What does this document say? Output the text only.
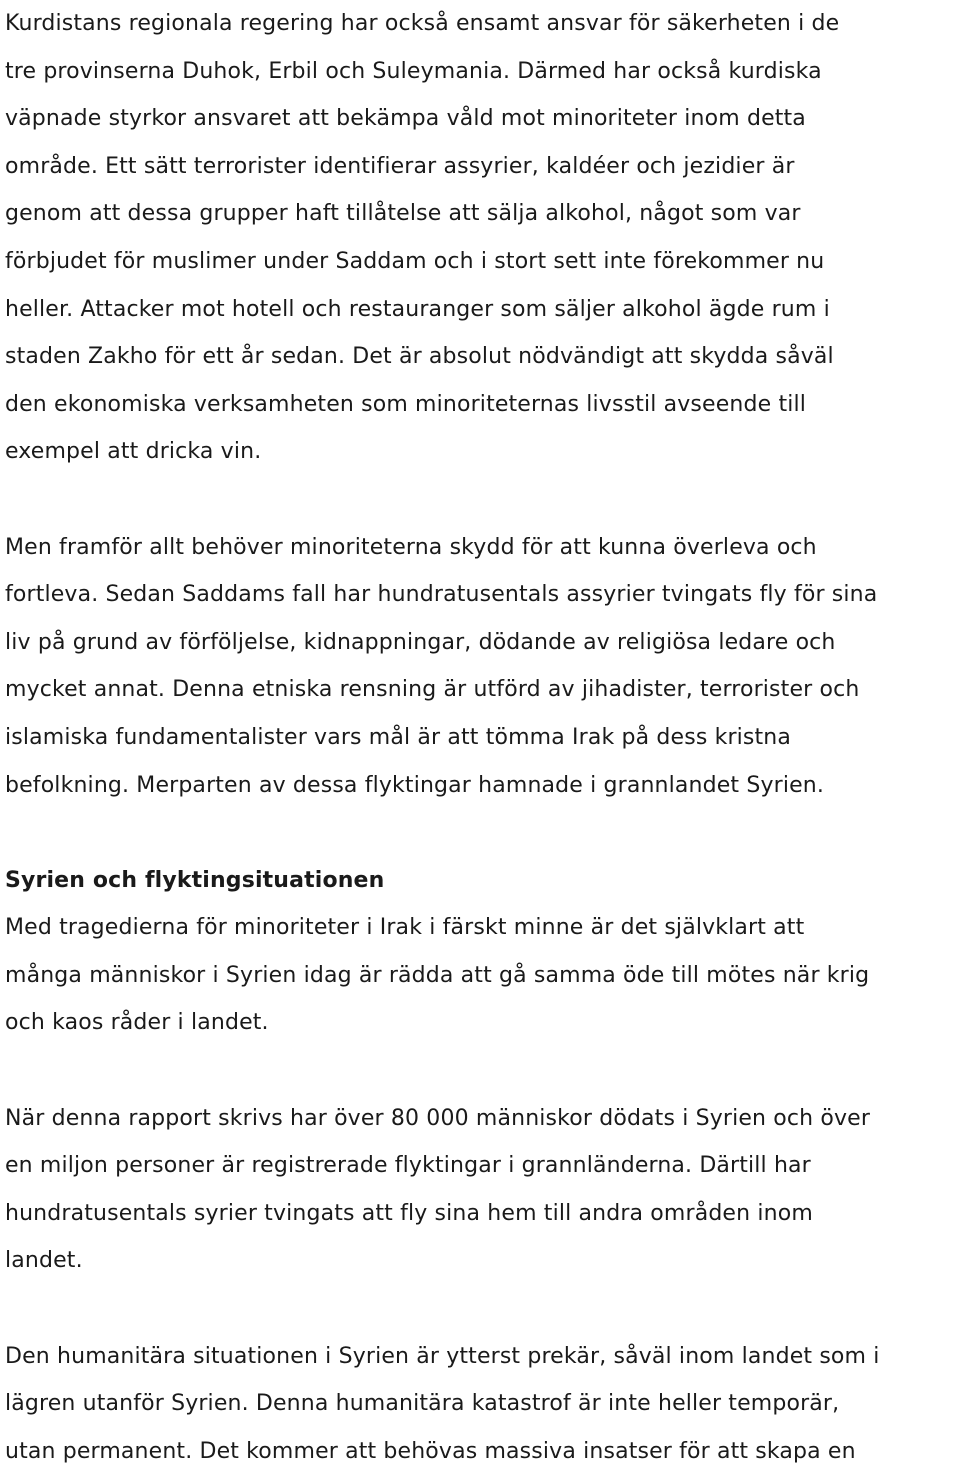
Kurdistans regionala regering har också ensamt ansvar för säkerheten i de
tre provinserna Duhok, Erbil och Suleymania. Därmed har också kurdiska
väpnade styrkor ansvaret att bekämpa våld mot minoriteter inom detta
område. Ett sätt terrorister identifierar assyrier, kaldéer och jezidier är
genom att dessa grupper haft tillåtelse att sälja alkohol, något som var
förbjudet för muslimer under Saddam och i stort sett inte förekommer nu
heller. Attacker mot hotell och restauranger som säljer alkohol ägde rum i
staden Zakho för ett år sedan. Det är absolut nödvändigt att skydda såväl
den ekonomiska verksamheten som minoriteternas livsstil avseende till
exempel att dricka vin.

Men framför allt behöver minoriteterna skydd för att kunna överleva och
fortleva. Sedan Saddams fall har hundratusentals assyrier tvingats fly för sina
liv på grund av förföljelse, kidnappningar, dödande av religiösa ledare och
mycket annat. Denna etniska rensning är utförd av jihadister, terrorister och
islamiska fundamentalister vars mål är att tömma Irak på dess kristna
befolkning. Merparten av dessa flyktingar hamnade i grannlandet Syrien.

Syrien och flyktingsituationen

Med tragedierna för minoriteter i Irak i färskt minne är det självklart att
många människor i Syrien idag är rädda att gå samma öde till mötes när krig
och kaos råder i landet.

När denna rapport skrivs har över 80 000 människor dödats i Syrien och över
en miljon personer är registrerade flyktingar i grannländerna. Därtill har
hundratusentals syrier tvingats att fly sina hem till andra områden inom
landet.

Den humanitära situationen i Syrien är ytterst prekär, såväl inom landet som i
lägren utanför Syrien. Denna humanitära katastrof är inte heller temporär,
utan permanent. Det kommer att behövas massiva insatser för att skapa en
